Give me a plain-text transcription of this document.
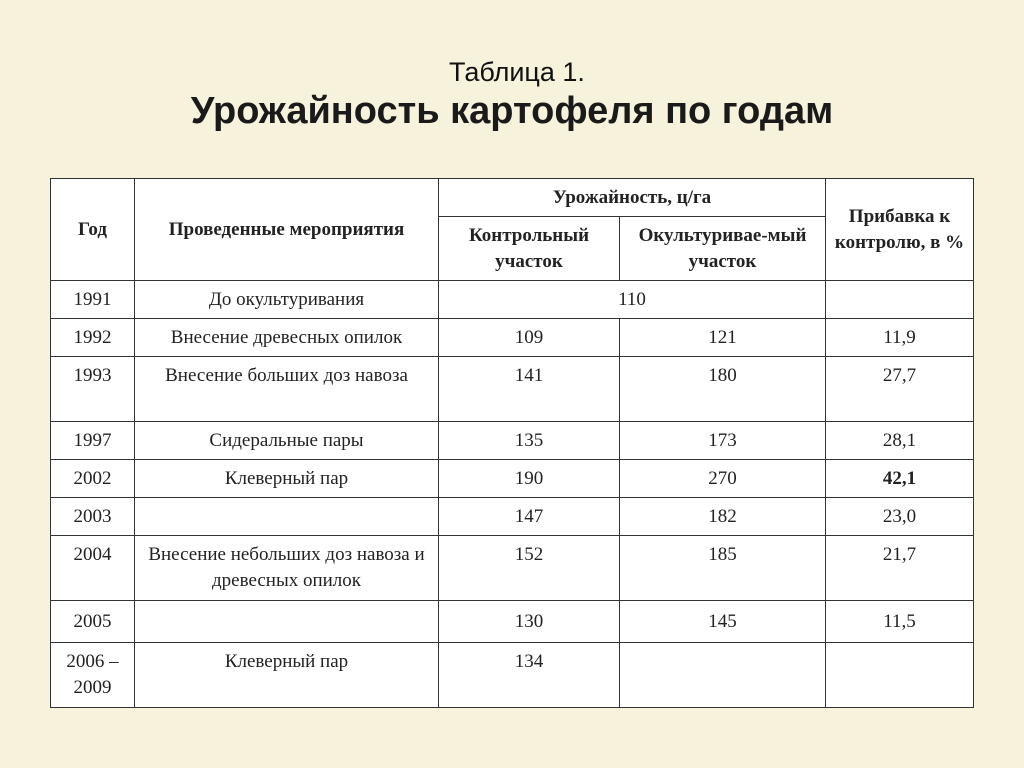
Таблица 1.
Урожайность картофеля по годам
Год	Проведенные мероприятия	Урожайность, ц/га		Прибавка к контролю, в %
		Контрольный участок	Окультуривае-мый участок	
1991	До окультуривания	110		
1992	Внесение древесных опилок	109	121	11,9
1993	Внесение больших доз навоза	141	180	27,7
1997	Сидеральные пары	135	173	28,1
2002	Клеверный пар	190	270	42,1
2003		147	182	23,0
2004	Внесение небольших доз навоза и древесных опилок	152	185	21,7
2005		130	145	11,5
2006 – 2009	Клеверный пар	134		
